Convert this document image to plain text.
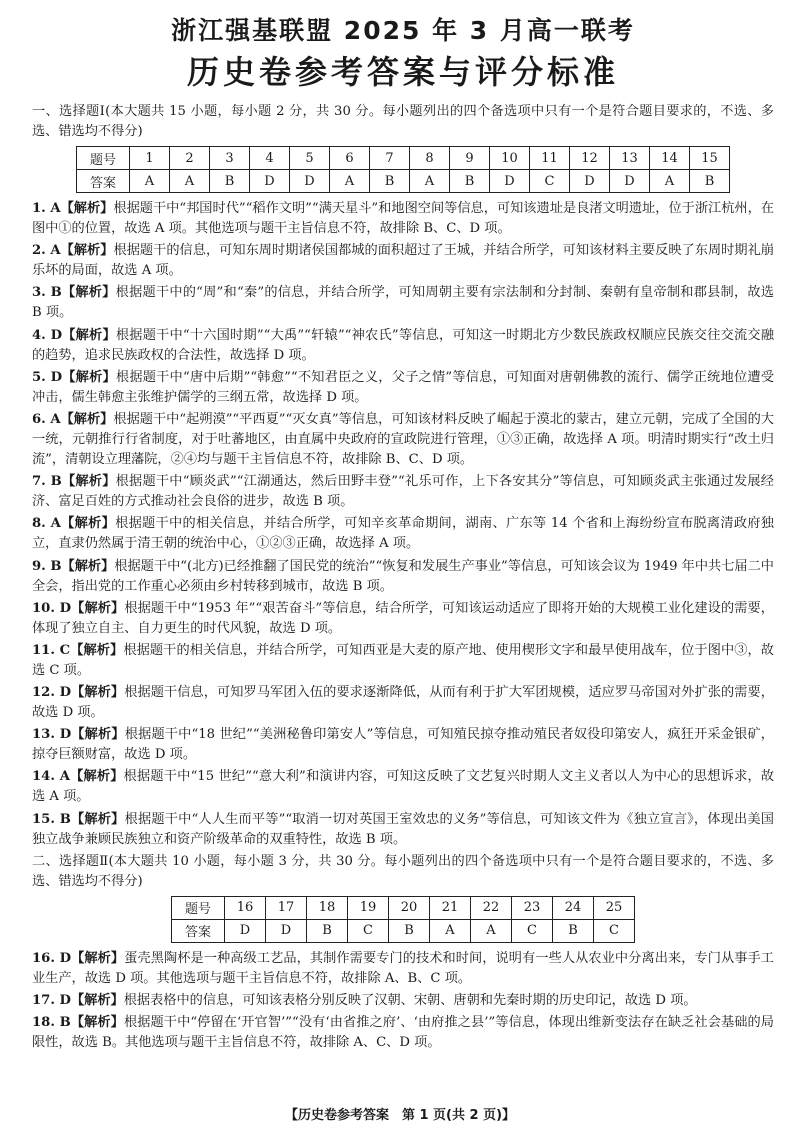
浙江强基联盟 2025 年 3 月高一联考
历史卷参考答案与评分标准

一、选择题Ⅰ(本大题共 15 小题，每小题 2 分，共 30 分。每小题列出的四个备选项中只有一个是符合题目要求的，不选、多选、错选均不得分)

题号	1	2	3	4	5	6	7	8	9	10	11	12	13	14	15
答案	A	A	B	D	D	A	B	A	B	D	C	D	D	A	B

1. A【解析】根据题干中“邦国时代”“稻作文明”“满天星斗”和地图空间等信息，可知该遗址是良渚文明遗址，位于浙江杭州，在图中①的位置，故选 A 项。其他选项与题干主旨信息不符，故排除 B、C、D 项。

2. A【解析】根据题干的信息，可知东周时期诸侯国都城的面积超过了王城，并结合所学，可知该材料主要反映了东周时期礼崩乐坏的局面，故选 A 项。

3. B【解析】根据题干中的“周”和“秦”的信息，并结合所学，可知周朝主要有宗法制和分封制、秦朝有皇帝制和郡县制，故选 B 项。

4. D【解析】根据题干中“十六国时期”“大禹”“轩辕”“神农氏”等信息，可知这一时期北方少数民族政权顺应民族交往交流交融的趋势，追求民族政权的合法性，故选择 D 项。

5. D【解析】根据题干中“唐中后期”“韩愈”“不知君臣之义，父子之情”等信息，可知面对唐朝佛教的流行、儒学正统地位遭受冲击，儒生韩愈主张维护儒学的三纲五常，故选择 D 项。

6. A【解析】根据题干中“起朔漠”“平西夏”“灭女真”等信息，可知该材料反映了崛起于漠北的蒙古，建立元朝，完成了全国的大一统，元朝推行行省制度，对于吐蕃地区，由直属中央政府的宣政院进行管理，①③正确，故选择 A 项。明清时期实行“改土归流”，清朝设立理藩院，②④均与题干主旨信息不符，故排除 B、C、D 项。

7. B【解析】根据题干中“顾炎武”“江湖通达，然后田野丰登”“礼乐可作，上下各安其分”等信息，可知顾炎武主张通过发展经济、富足百姓的方式推动社会良俗的进步，故选 B 项。

8. A【解析】根据题干中的相关信息，并结合所学，可知辛亥革命期间，湖南、广东等 14 个省和上海纷纷宣布脱离清政府独立，直隶仍然属于清王朝的统治中心，①②③正确，故选择 A 项。

9. B【解析】根据题干中“(北方)已经推翻了国民党的统治”“恢复和发展生产事业”等信息，可知该会议为 1949 年中共七届二中全会，指出党的工作重心必须由乡村转移到城市，故选 B 项。

10. D【解析】根据题干中“1953 年”“艰苦奋斗”等信息，结合所学，可知该运动适应了即将开始的大规模工业化建设的需要，体现了独立自主、自力更生的时代风貌，故选 D 项。

11. C【解析】根据题干的相关信息，并结合所学，可知西亚是大麦的原产地、使用楔形文字和最早使用战车，位于图中③，故选 C 项。

12. D【解析】根据题干信息，可知罗马军团入伍的要求逐渐降低，从而有利于扩大军团规模，适应罗马帝国对外扩张的需要，故选 D 项。

13. D【解析】根据题干中“18 世纪”“美洲秘鲁印第安人”等信息，可知殖民掠夺推动殖民者奴役印第安人，疯狂开采金银矿，掠夺巨额财富，故选 D 项。

14. A【解析】根据题干中“15 世纪”“意大利”和演讲内容，可知这反映了文艺复兴时期人文主义者以人为中心的思想诉求，故选 A 项。

15. B【解析】根据题干中“人人生而平等”“取消一切对英国王室效忠的义务”等信息，可知该文件为《独立宣言》，体现出美国独立战争兼顾民族独立和资产阶级革命的双重特性，故选 B 项。

二、选择题Ⅱ(本大题共 10 小题，每小题 3 分，共 30 分。每小题列出的四个备选项中只有一个是符合题目要求的，不选、多选、错选均不得分)

题号	16	17	18	19	20	21	22	23	24	25
答案	D	D	B	C	B	A	A	C	B	C

16. D【解析】蛋壳黑陶杯是一种高级工艺品，其制作需要专门的技术和时间，说明有一些人从农业中分离出来，专门从事手工业生产，故选 D 项。其他选项与题干主旨信息不符，故排除 A、B、C 项。

17. D【解析】根据表格中的信息，可知该表格分别反映了汉朝、宋朝、唐朝和先秦时期的历史印记，故选 D 项。

18. B【解析】根据题干中“停留在‘开官智’”“没有‘由省推之府’、‘由府推之县’”等信息，体现出维新变法存在缺乏社会基础的局限性，故选 B。其他选项与题干主旨信息不符，故排除 A、C、D 项。

【历史卷参考答案　第 1 页(共 2 页)】
